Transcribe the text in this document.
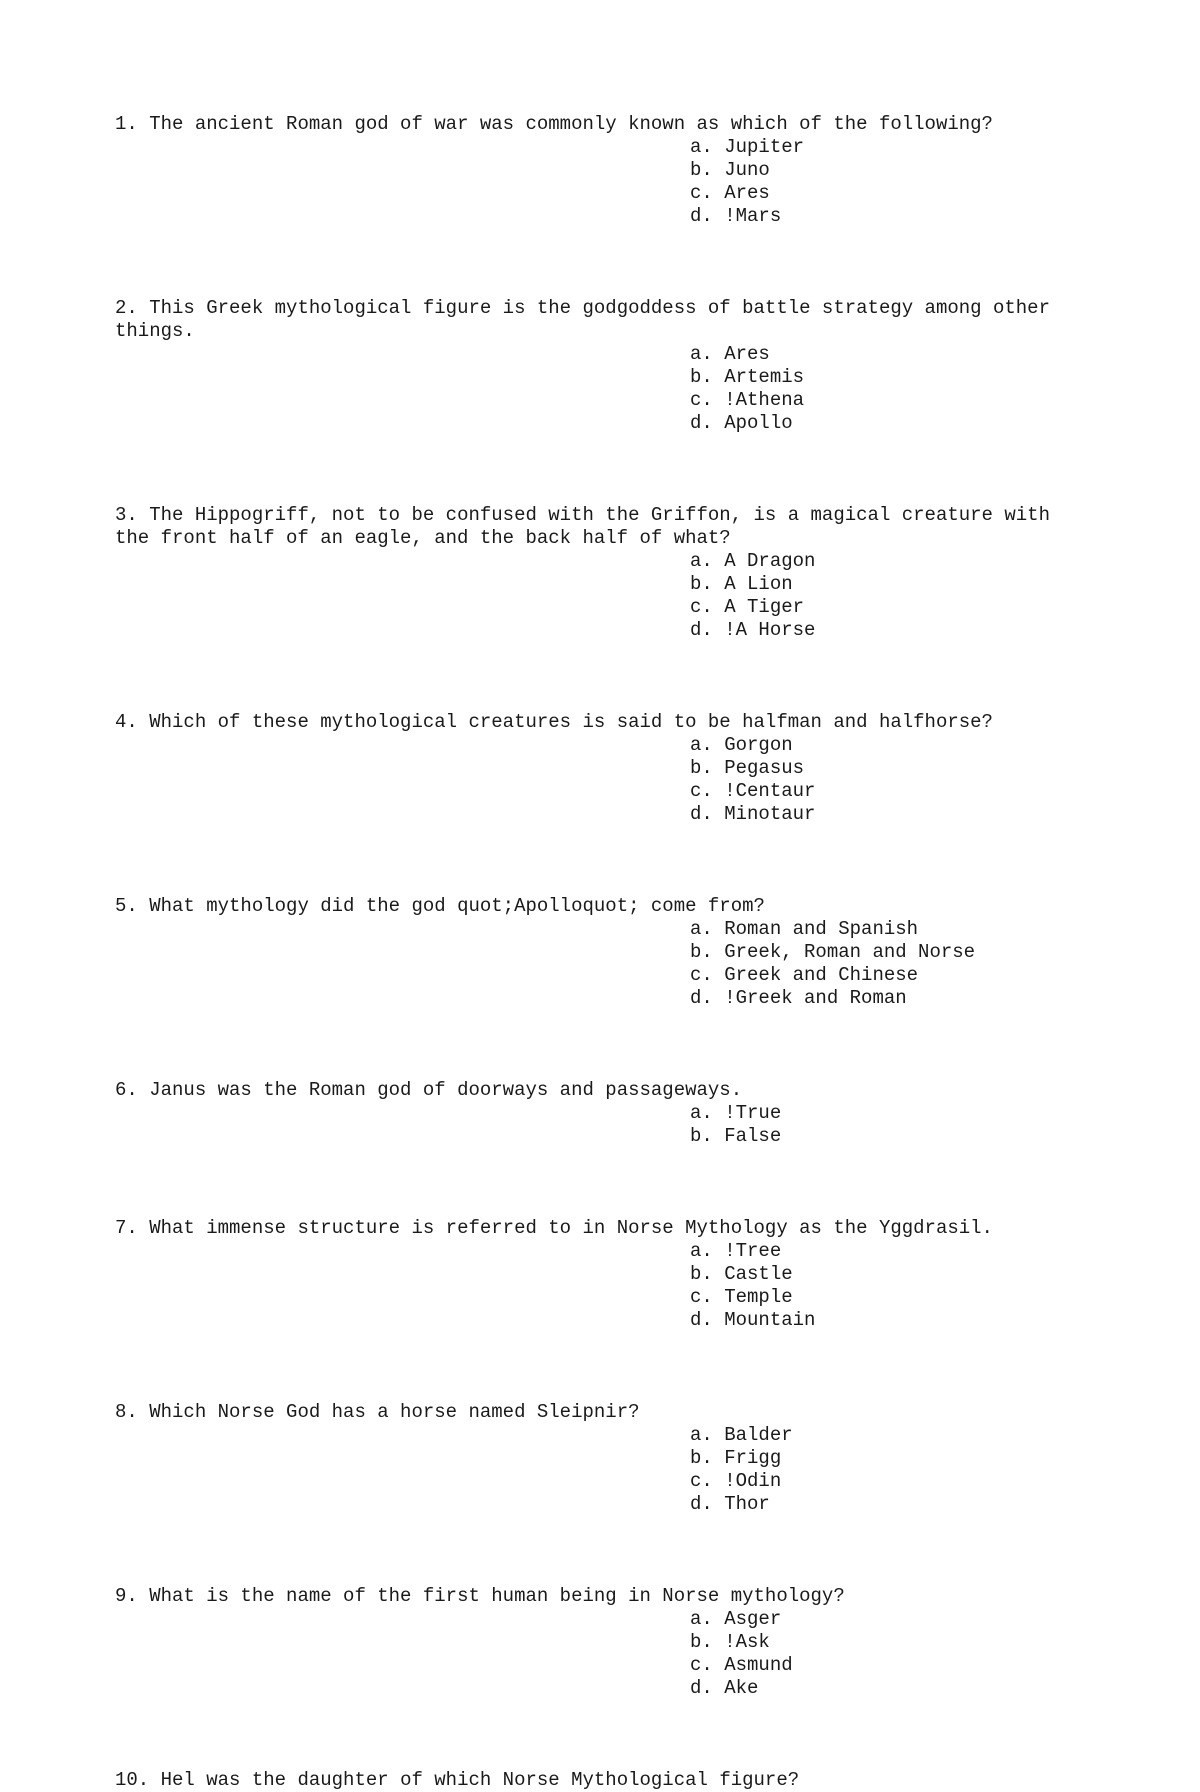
1. The ancient Roman god of war was commonly known as which of the following?
a. Jupiter
b. Juno
c. Ares
d. !Mars
2. This Greek mythological figure is the godgoddess of battle strategy among other things.
a. Ares
b. Artemis
c. !Athena
d. Apollo
3. The Hippogriff, not to be confused with the Griffon, is a magical creature with the front half of an eagle, and the back half of what?
a. A Dragon
b. A Lion
c. A Tiger
d. !A Horse
4. Which of these mythological creatures is said to be halfman and halfhorse?
a. Gorgon
b. Pegasus
c. !Centaur
d. Minotaur
5. What mythology did the god quot;Apolloquot; come from?
a. Roman and Spanish
b. Greek, Roman and Norse
c. Greek and Chinese
d. !Greek and Roman
6. Janus was the Roman god of doorways and passageways.
a. !True
b. False
7. What immense structure is referred to in Norse Mythology as the Yggdrasil.
a. !Tree
b. Castle
c. Temple
d. Mountain
8. Which Norse God has a horse named Sleipnir?
a. Balder
b. Frigg
c. !Odin
d. Thor
9. What is the name of the first human being in Norse mythology?
a. Asger
b. !Ask
c. Asmund
d. Ake
10. Hel was the daughter of which Norse Mythological figure?
